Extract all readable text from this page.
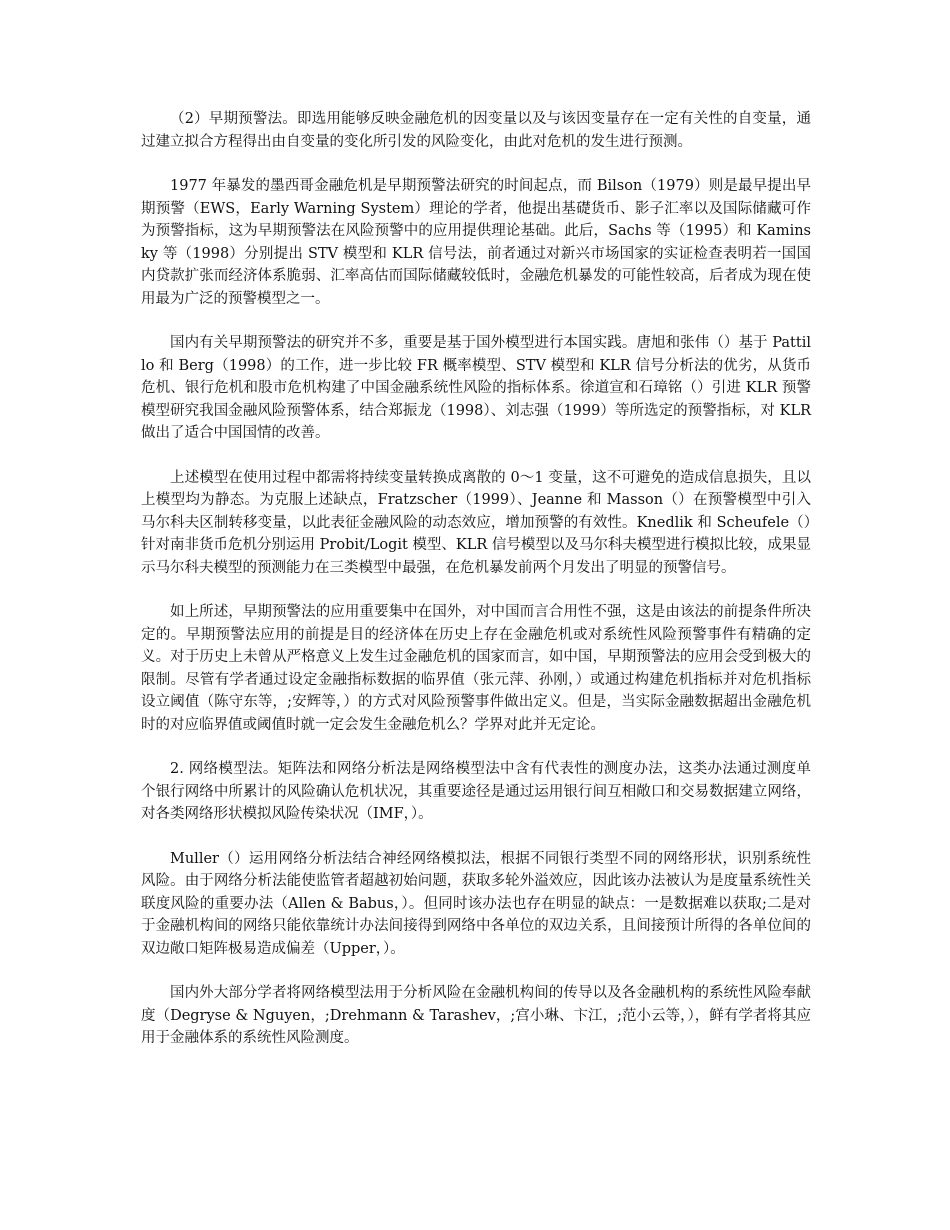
（2）早期预警法。即选用能够反映金融危机的因变量以及与该因变量存在一定有关性的自变量，通过建立拟合方程得出由自变量的变化所引发的风险变化，由此对危机的发生进行预测。

1977 年暴发的墨西哥金融危机是早期预警法研究的时间起点，而 Bilson（1979）则是最早提出早期预警（EWS，Early Warning System）理论的学者，他提出基礎货币、影子汇率以及国际储藏可作为预警指标，这为早期预警法在风险预警中的应用提供理论基础。此后，Sachs 等（1995）和 Kaminsky 等（1998）分别提出 STV 模型和 KLR 信号法，前者通过对新兴市场国家的实证检查表明若一国国内贷款扩张而经济体系脆弱、汇率高估而国际储藏较低时，金融危机暴发的可能性较高，后者成为现在使用最为广泛的预警模型之一。

国内有关早期预警法的研究并不多，重要是基于国外模型进行本国实践。唐旭和张伟（）基于 Pattillo 和 Berg（1998）的工作，进一步比较 FR 概率模型、STV 模型和 KLR 信号分析法的优劣，从货币危机、银行危机和股市危机构建了中国金融系统性风险的指标体系。徐道宣和石璋铭（）引进 KLR 预警模型研究我国金融风险预警体系，结合郑振龙（1998）、刘志强（1999）等所选定的预警指标，对 KLR 做出了适合中国国情的改善。

上述模型在使用过程中都需将持续变量转换成离散的 0～1 变量，这不可避免的造成信息损失，且以上模型均为静态。为克服上述缺点，Fratzscher（1999）、Jeanne 和 Masson（）在预警模型中引入马尔科夫区制转移变量，以此表征金融风险的动态效应，增加预警的有效性。Knedlik 和 Scheufele（）针对南非货币危机分别运用 Probit/Logit 模型、KLR 信号模型以及马尔科夫模型进行模拟比较，成果显示马尔科夫模型的预测能力在三类模型中最强，在危机暴发前两个月发出了明显的预警信号。

如上所述，早期预警法的应用重要集中在国外，对中国而言合用性不强，这是由该法的前提条件所决定的。早期预警法应用的前提是目的经济体在历史上存在金融危机或对系统性风险预警事件有精确的定义。对于历史上未曾从严格意义上发生过金融危机的国家而言，如中国，早期预警法的应用会受到极大的限制。尽管有学者通过设定金融指标数据的临界值（张元萍、孙刚，）或通过构建危机指标并对危机指标设立阈值（陈守东等，;安辉等，）的方式对风险预警事件做出定义。但是，当实际金融数据超出金融危机时的对应临界值或阈值时就一定会发生金融危机么？学界对此并无定论。

2. 网络模型法。矩阵法和网络分析法是网络模型法中含有代表性的测度办法，这类办法通过测度单个银行网络中所累计的风险确认危机状况，其重要途径是通过运用银行间互相敞口和交易数据建立网络，对各类网络形状模拟风险传染状况（IMF，）。

Muller（）运用网络分析法结合神经网络模拟法，根据不同银行类型不同的网络形状，识别系统性风险。由于网络分析法能使监管者超越初始问题，获取多轮外溢效应，因此该办法被认为是度量系统性关联度风险的重要办法（Allen & Babus，）。但同时该办法也存在明显的缺点：一是数据难以获取;二是对于金融机构间的网络只能依靠统计办法间接得到网络中各单位的双边关系，且间接预计所得的各单位间的双边敞口矩阵极易造成偏差（Upper，）。

国内外大部分学者将网络模型法用于分析风险在金融机构间的传导以及各金融机构的系统性风险奉献度（Degryse & Nguyen，;Drehmann & Tarashev，;宫小琳、卞江，;范小云等，），鲜有学者将其应用于金融体系的系统性风险测度。
